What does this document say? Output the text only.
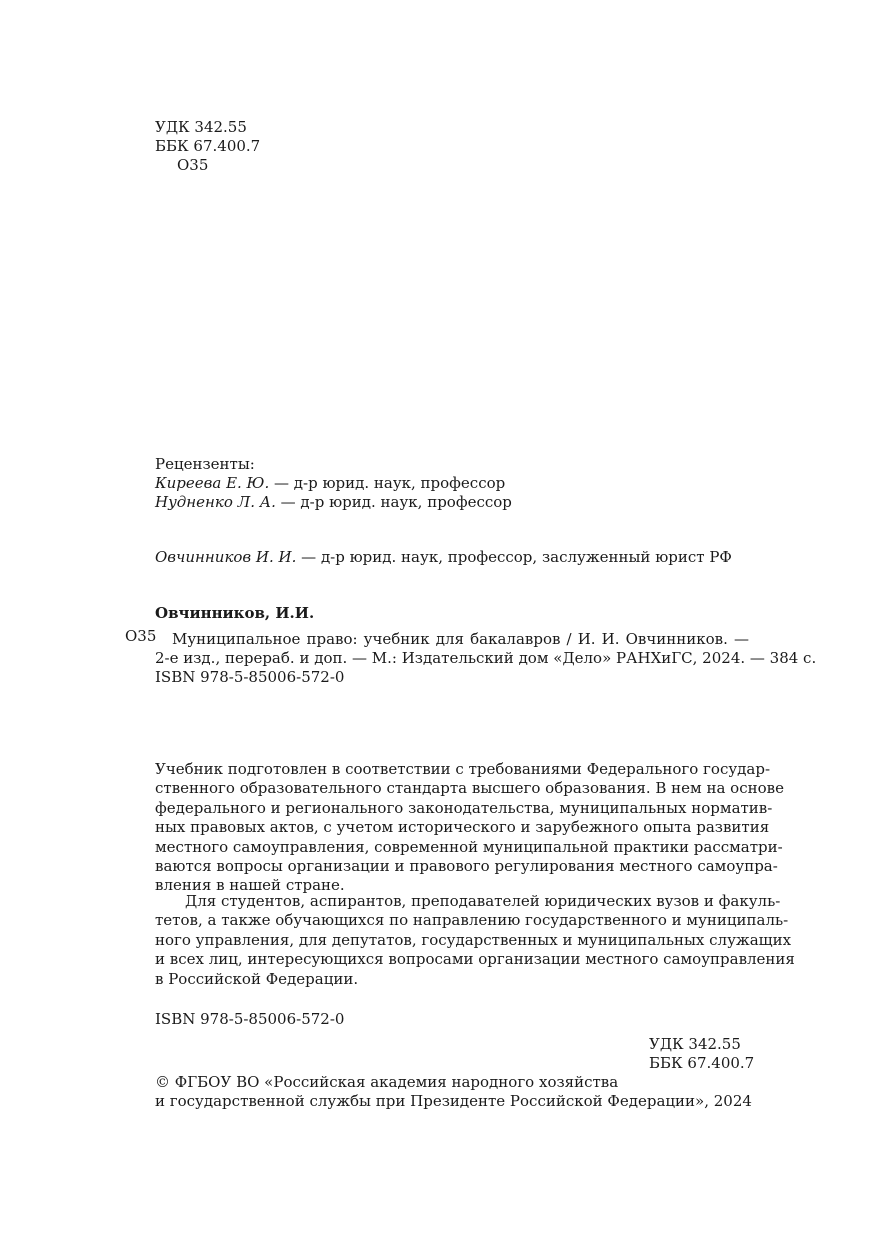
УДК 342.55
ББК 67.400.7
О35
Рецензенты:
Киреева Е. Ю. — д-р юрид. наук, профессор
Нудненко Л. А. — д-р юрид. наук, профессор
Овчинников И. И. — д-р юрид. наук, профессор, заслуженный юрист РФ
Овчинников, И.И.
О35 Муниципальное право: учебник для бакалавров / И. И. Овчинников. —
2-е изд., перераб. и доп. — М.: Издательский дом «Дело» РАНХиГС, 2024. — 384 с.
ISBN 978-5-85006-572-0
Учебник подготовлен в соответствии с требованиями Федерального государ-
ственного образовательного стандарта высшего образования. В нем на основе
федерального и регионального законодательства, муниципальных норматив-
ных правовых актов, с учетом исторического и зарубежного опыта развития
местного самоуправления, современной муниципальной практики рассматри-
ваются вопросы организации и правового регулирования местного самоупра-
вления в нашей стране.
Для студентов, аспирантов, преподавателей юридических вузов и факуль-
тетов, а также обучающихся по направлению государственного и муниципаль-
ного управления, для депутатов, государственных и муниципальных служащих
и всех лиц, интересующихся вопросами организации местного самоуправления
в Российской Федерации.
ISBN 978-5-85006-572-0
УДК 342.55
ББК 67.400.7
© ФГБОУ ВО «Российская академия народного хозяйства
и государственной службы при Президенте Российской Федерации», 2024
